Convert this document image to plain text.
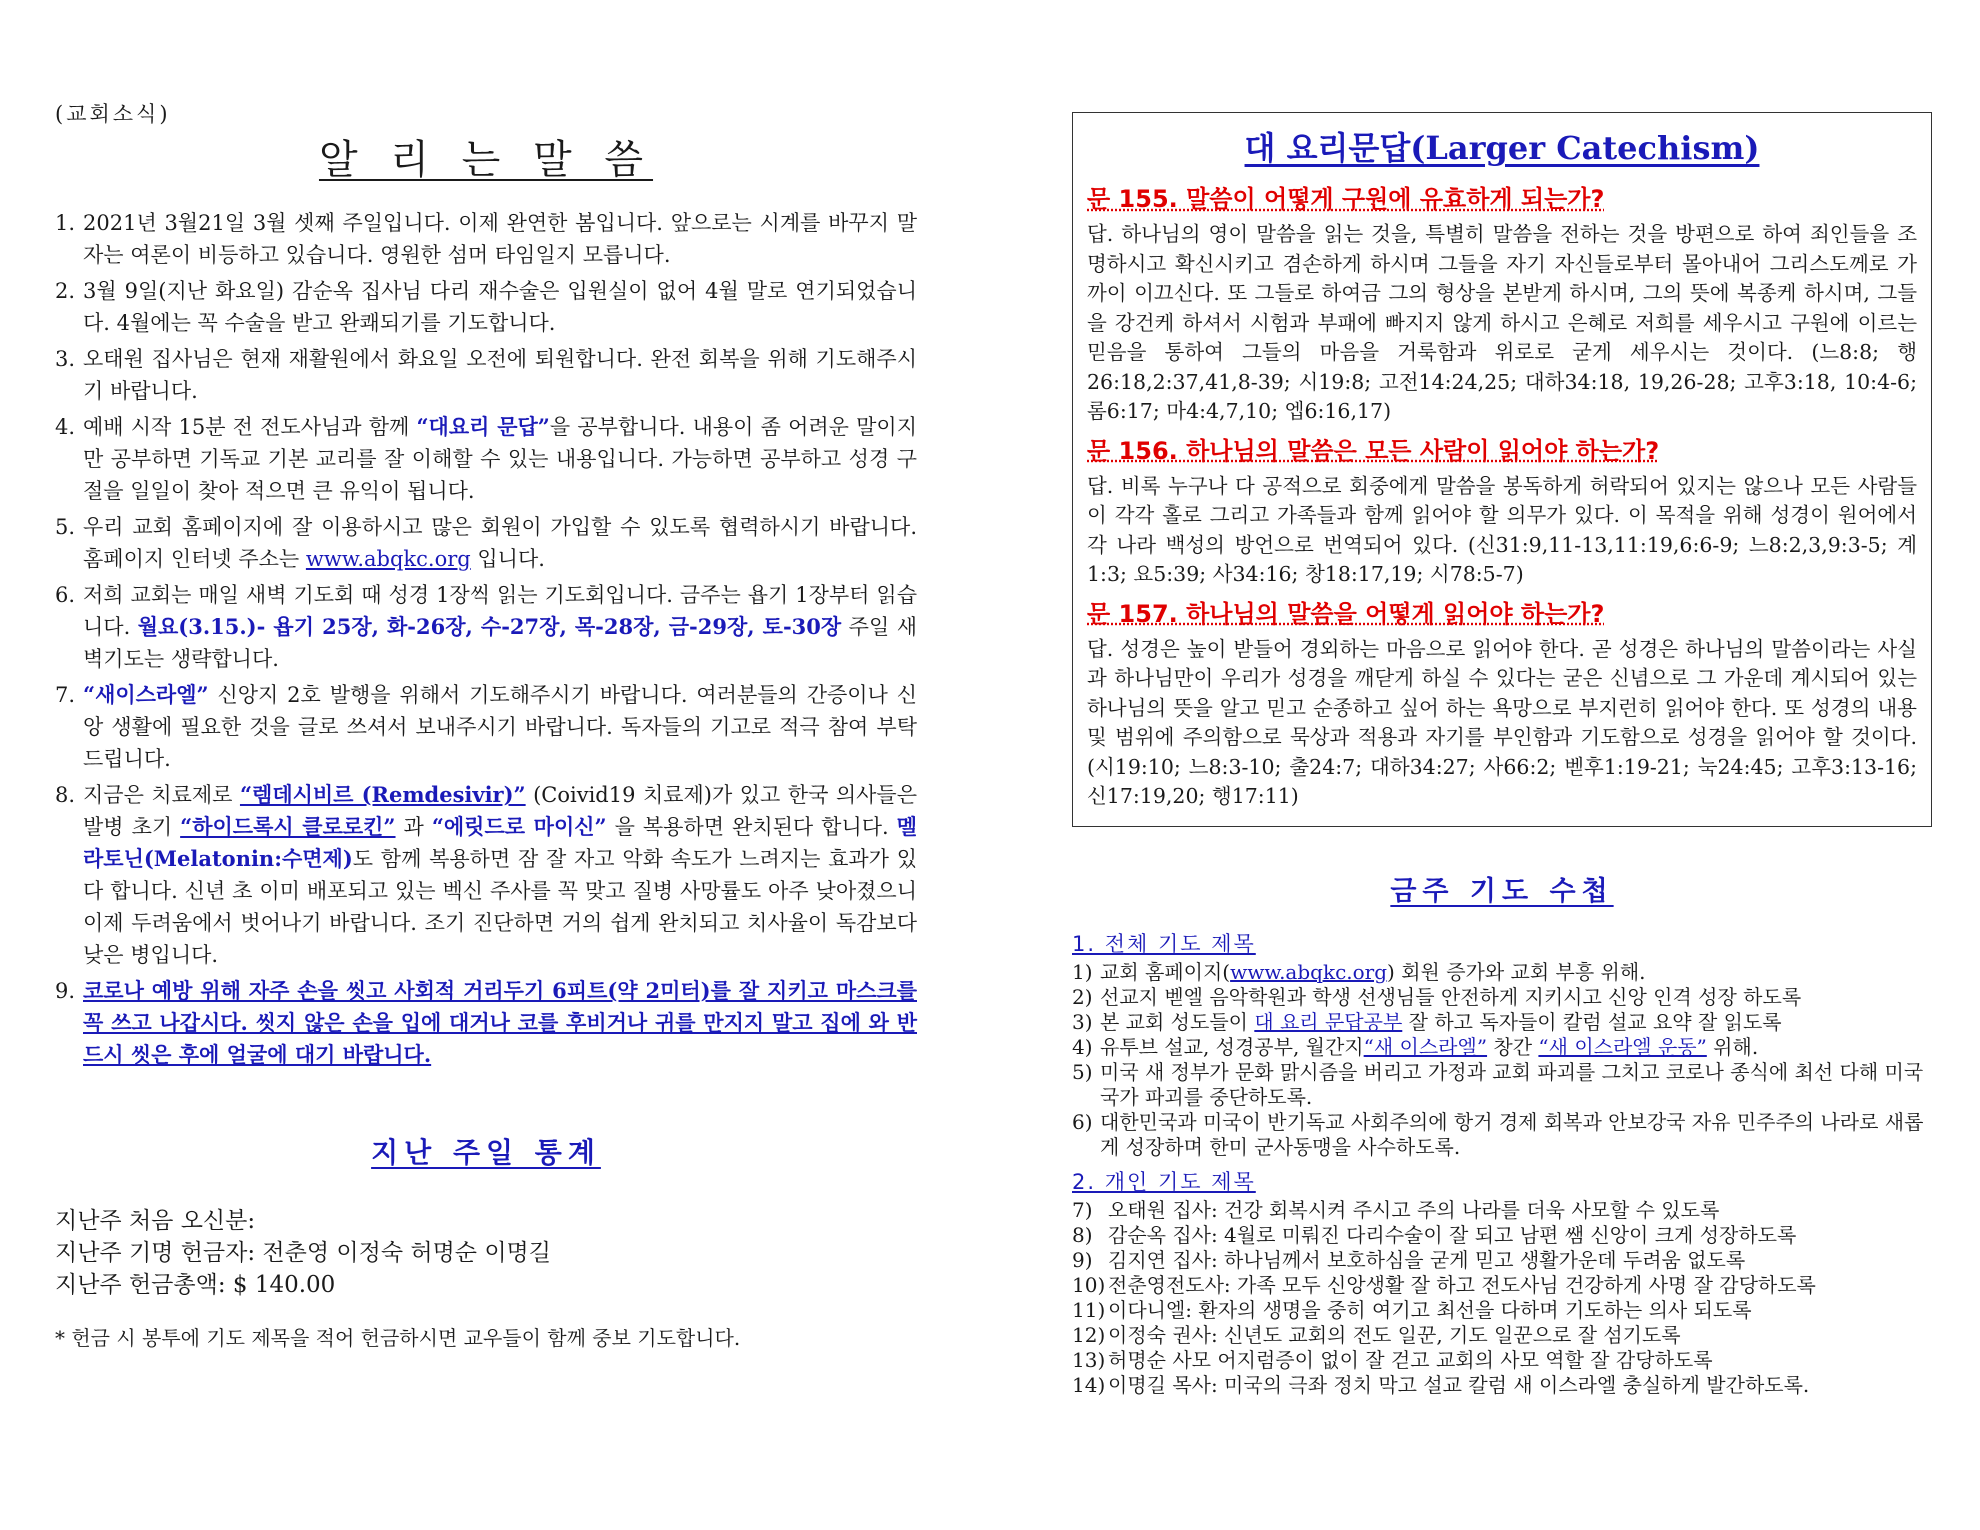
(교회소식)
알 리 는 말 씀
1. 2021년 3월21일 3월 셋째 주일입니다. 이제 완연한 봄입니다. 앞으로는 시계를 바꾸지 말자는 여론이 비등하고 있습니다. 영원한 섬머 타임일지 모릅니다.
2. 3월 9일(지난 화요일) 감순옥 집사님 다리 재수술은 입원실이 없어 4월 말로 연기되었습니다. 4월에는 꼭 수술을 받고 완쾌되기를 기도합니다.
3. 오태원 집사님은 현재 재활원에서 화요일 오전에 퇴원합니다. 완전 회복을 위해 기도해주시기 바랍니다.
4. 예배 시작 15분 전 전도사님과 함께 “대요리 문답”을 공부합니다. 내용이 좀 어려운 말이지만 공부하면 기독교 기본 교리를 잘 이해할 수 있는 내용입니다. 가능하면 공부하고 성경 구절을 일일이 찾아 적으면 큰 유익이 됩니다.
5. 우리 교회 홈페이지에 잘 이용하시고 많은 회원이 가입할 수 있도록 협력하시기 바랍니다. 홈페이지 인터넷 주소는 www.abqkc.org 입니다.
6. 저희 교회는 매일 새벽 기도회 때 성경 1장씩 읽는 기도회입니다. 금주는 욥기 1장부터 읽습니다. 월요(3.15.)- 욥기 25장, 화-26장, 수-27장, 목-28장, 금-29장, 토-30장 주일 새벽기도는 생략합니다.
7. “새이스라엘” 신앙지 2호 발행을 위해서 기도해주시기 바랍니다. 여러분들의 간증이나 신앙 생활에 필요한 것을 글로 쓰셔서 보내주시기 바랍니다. 독자들의 기고로 적극 참여 부탁드립니다.
8. 지금은 치료제로 “렘데시비르 (Remdesivir)” (Coivid19 치료제)가 있고 한국 의사들은 발병 초기 “하이드록시 클로로킨” 과 “에릿드로 마이신” 을 복용하면 완치된다 합니다. 멜라토닌(Melatonin:수면제)도 함께 복용하면 잠 잘 자고 악화 속도가 느려지는 효과가 있다 합니다. 신년 초 이미 배포되고 있는 벡신 주사를 꼭 맞고 질병 사망률도 아주 낮아졌으니 이제 두려움에서 벗어나기 바랍니다. 조기 진단하면 거의 쉽게 완치되고 치사율이 독감보다 낮은 병입니다.
9. 코로나 예방 위해 자주 손을 씻고 사회적 거리두기 6피트(약 2미터)를 잘 지키고 마스크를 꼭 쓰고 나갑시다. 씻지 않은 손을 입에 대거나 코를 후비거나 귀를 만지지 말고 집에 와 반드시 씻은 후에 얼굴에 대기 바랍니다.
지난 주일 통계
지난주 처음 오신분:
지난주 기명 헌금자: 전춘영 이정숙 허명순 이명길
지난주 헌금총액: $ 140.00
* 헌금 시 봉투에 기도 제목을 적어 헌금하시면 교우들이 함께 중보 기도합니다.
대 요리문답(Larger Catechism)
문 155. 말씀이 어떻게 구원에 유효하게 되는가?
답. 하나님의 영이 말씀을 읽는 것을, 특별히 말씀을 전하는 것을 방편으로 하여 죄인들을 조명하시고 확신시키고 겸손하게 하시며 그들을 자기 자신들로부터 몰아내어 그리스도께로 가까이 이끄신다. 또 그들로 하여금 그의 형상을 본받게 하시며, 그의 뜻에 복종케 하시며, 그들을 강건케 하셔서 시험과 부패에 빠지지 않게 하시고 은혜로 저희를 세우시고 구원에 이르는 믿음을 통하여 그들의 마음을 거룩함과 위로로 굳게 세우시는 것이다. (느8:8; 행26:18,2:37,41,8-39; 시19:8; 고전14:24,25; 대하34:18, 19,26-28; 고후3:18, 10:4-6; 롬6:17; 마4:4,7,10; 엡6:16,17)
문 156. 하나님의 말씀은 모든 사람이 읽어야 하는가?
답. 비록 누구나 다 공적으로 회중에게 말씀을 봉독하게 허락되어 있지는 않으나 모든 사람들이 각각 홀로 그리고 가족들과 함께 읽어야 할 의무가 있다. 이 목적을 위해 성경이 원어에서 각 나라 백성의 방언으로 번역되어 있다. (신31:9,11-13,11:19,6:6-9; 느8:2,3,9:3-5; 계1:3; 요5:39; 사34:16; 창18:17,19; 시78:5-7)
문 157. 하나님의 말씀을 어떻게 읽어야 하는가?
답. 성경은 높이 받들어 경외하는 마음으로 읽어야 한다. 곧 성경은 하나님의 말씀이라는 사실과 하나님만이 우리가 성경을 깨닫게 하실 수 있다는 굳은 신념으로 그 가운데 계시되어 있는 하나님의 뜻을 알고 믿고 순종하고 싶어 하는 욕망으로 부지런히 읽어야 한다. 또 성경의 내용 및 범위에 주의함으로 묵상과 적용과 자기를 부인함과 기도함으로 성경을 읽어야 할 것이다. (시19:10; 느8:3-10; 출24:7; 대하34:27; 사66:2; 벧후1:19-21; 눅24:45; 고후3:13-16; 신17:19,20; 행17:11)
금주 기도 수첩
1. 전체 기도 제목
1) 교회 홈페이지(www.abqkc.org) 회원 증가와 교회 부흥 위해.
2) 선교지 벧엘 음악학원과 학생 선생님들 안전하게 지키시고 신앙 인격 성장 하도록
3) 본 교회 성도들이 대 요리 문답공부 잘 하고 독자들이 칼럼 설교 요약 잘 읽도록
4) 유투브 설교, 성경공부, 월간지“새 이스라엘” 창간 “새 이스라엘 운동” 위해.
5) 미국 새 정부가 문화 맑시즘을 버리고 가정과 교회 파괴를 그치고 코로나 종식에 최선 다해 미국 국가 파괴를 중단하도록.
6) 대한민국과 미국이 반기독교 사회주의에 항거 경제 회복과 안보강국 자유 민주주의 나라로 새롭게 성장하며 한미 군사동맹을 사수하도록.
2. 개인 기도 제목
7) 오태원 집사: 건강 회복시켜 주시고 주의 나라를 더욱 사모할 수 있도록
8) 감순옥 집사: 4월로 미뤄진 다리수술이 잘 되고 남편 쌤 신앙이 크게 성장하도록
9) 김지연 집사: 하나님께서 보호하심을 굳게 믿고 생활가운데 두려움 없도록
10) 전춘영전도사: 가족 모두 신앙생활 잘 하고 전도사님 건강하게 사명 잘 감당하도록
11) 이다니엘: 환자의 생명을 중히 여기고 최선을 다하며 기도하는 의사 되도록
12) 이정숙 권사: 신년도 교회의 전도 일꾼, 기도 일꾼으로 잘 섬기도록
13) 허명순 사모 어지럼증이 없이 잘 걷고 교회의 사모 역할 잘 감당하도록
14) 이명길 목사: 미국의 극좌 정치 막고 설교 칼럼 새 이스라엘 충실하게 발간하도록.
